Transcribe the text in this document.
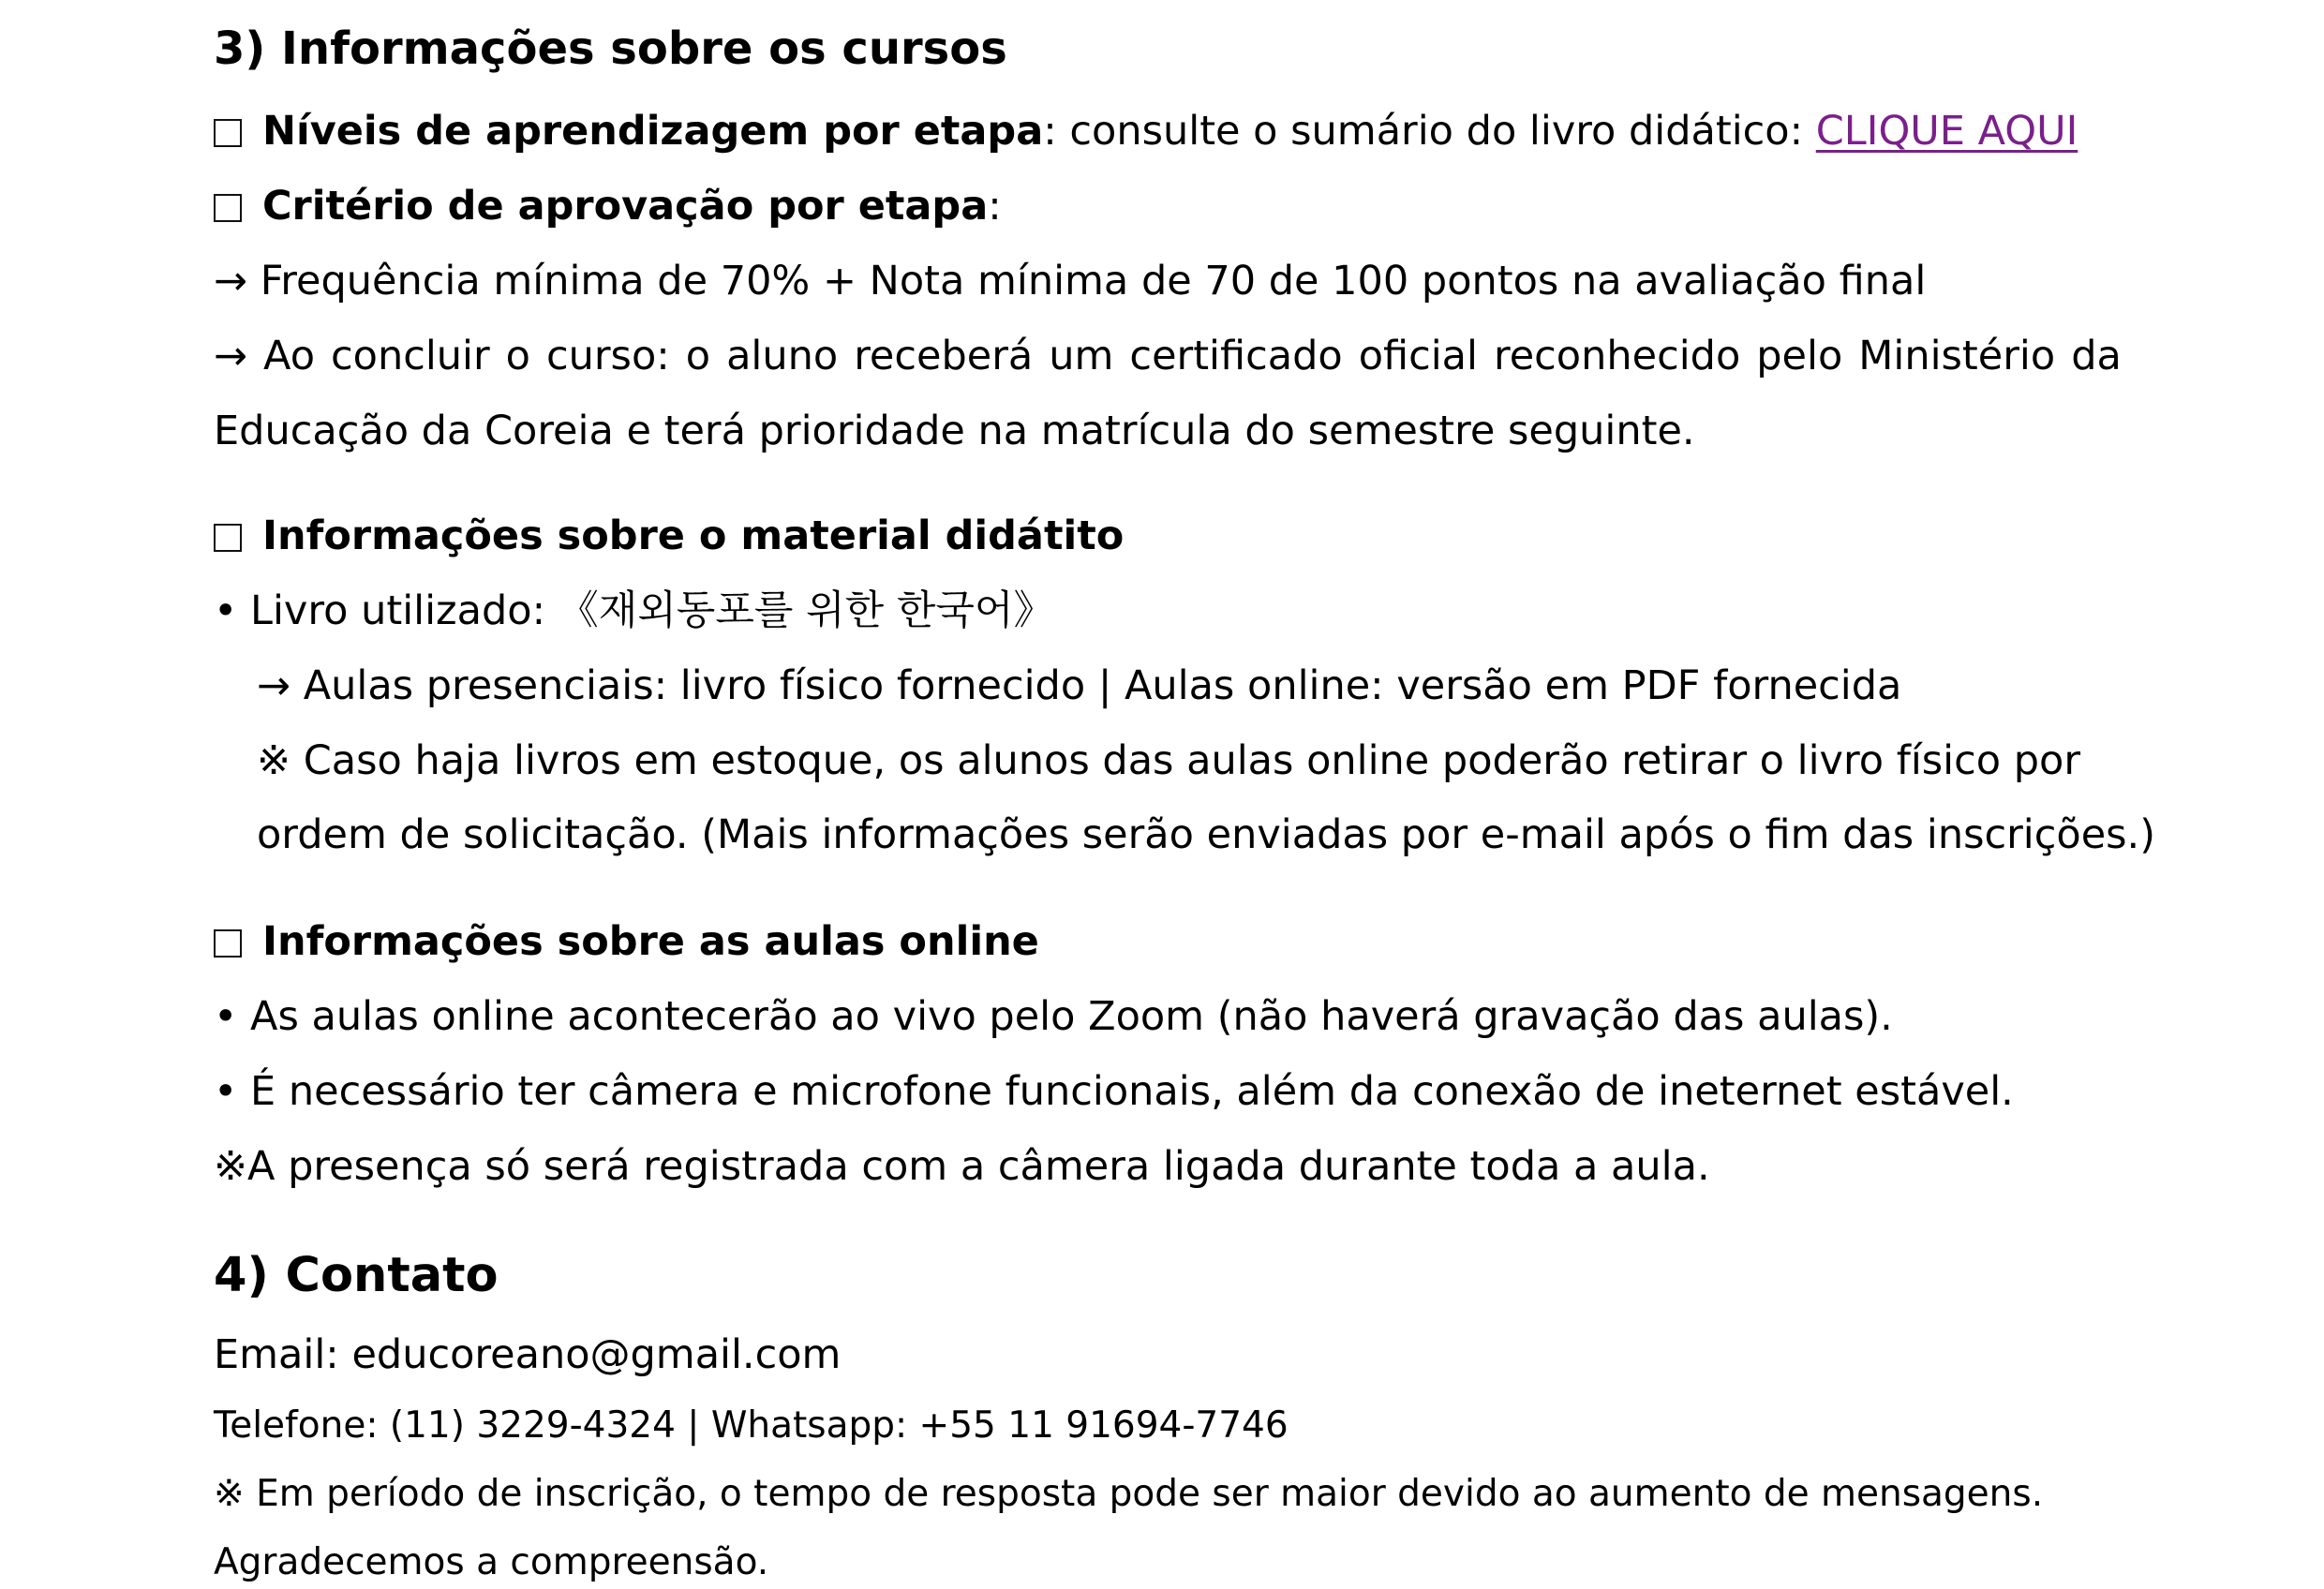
3) Informações sobre os cursos
Níveis de aprendizagem por etapa: consulte o sumário do livro didático: CLIQUE AQUI
Critério de aprovação por etapa:
→ Frequência mínima de 70% + Nota mínima de 70 de 100 pontos na avaliação final
→ Ao concluir o curso: o aluno receberá um certificado oficial reconhecido pelo Ministério da
Educação da Coreia e terá prioridade na matrícula do semestre seguinte.
Informações sobre o material didátito
• Livro utilizado: 《재외동포를 위한 한국어》
→ Aulas presenciais: livro físico fornecido | Aulas online: versão em PDF fornecida
※ Caso haja livros em estoque, os alunos das aulas online poderão retirar o livro físico por
ordem de solicitação. (Mais informações serão enviadas por e-mail após o fim das inscrições.)
Informações sobre as aulas online
• As aulas online acontecerão ao vivo pelo Zoom (não haverá gravação das aulas).
• É necessário ter câmera e microfone funcionais, além da conexão de ineternet estável.
※A presença só será registrada com a câmera ligada durante toda a aula.
4) Contato
Email: educoreano@gmail.com
Telefone: (11) 3229-4324 | Whatsapp: +55 11 91694-7746
※ Em período de inscrição, o tempo de resposta pode ser maior devido ao aumento de mensagens.
Agradecemos a compreensão.
